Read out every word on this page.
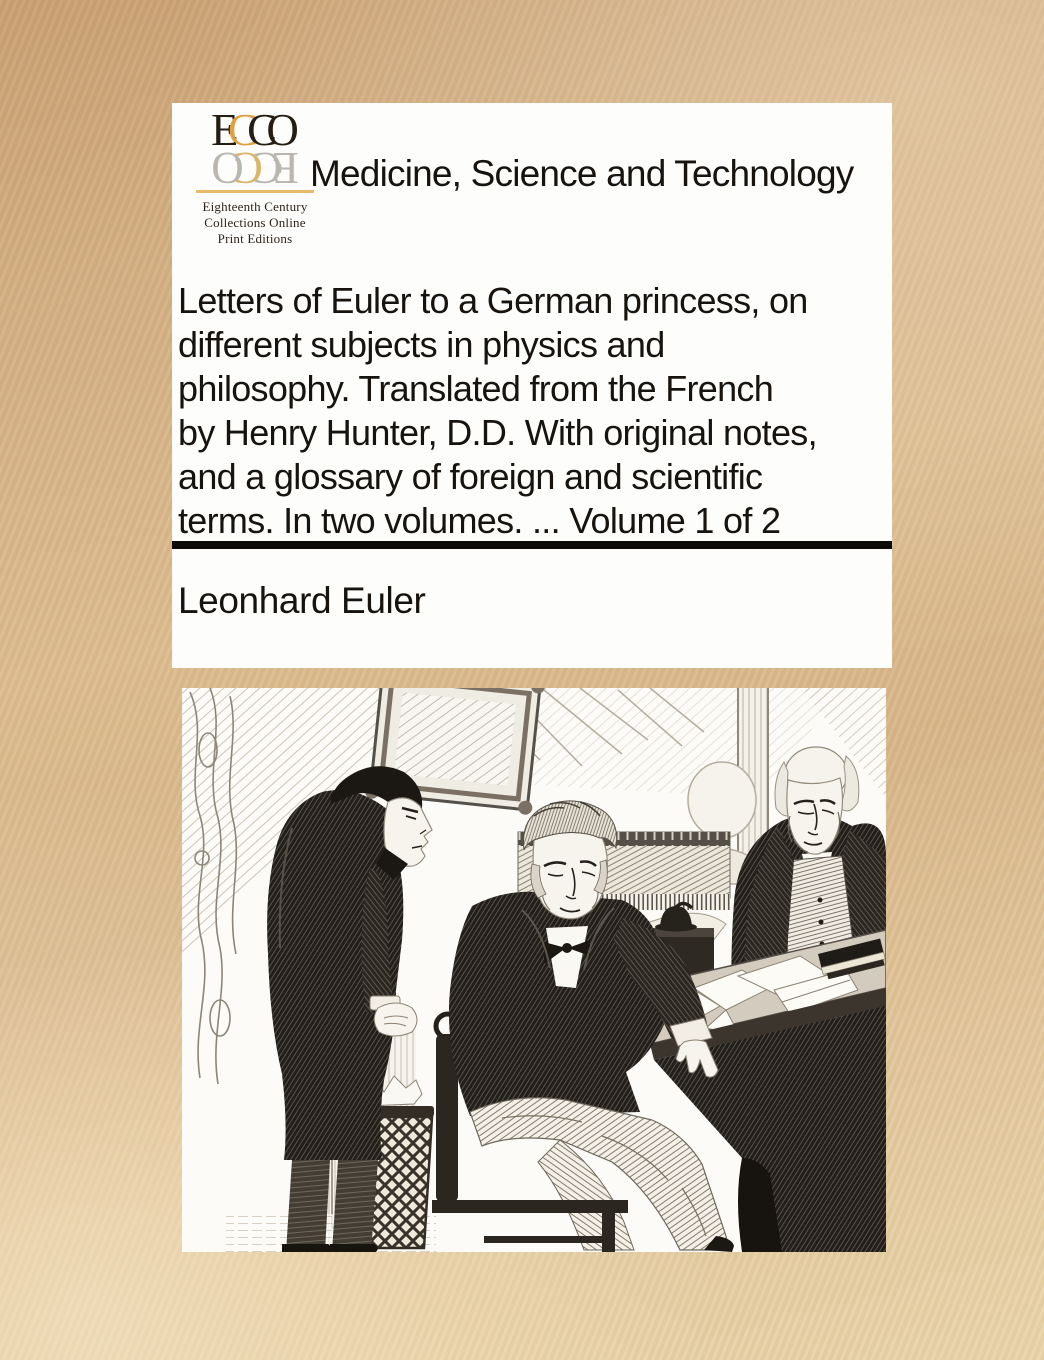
ECCO
ECCO
Eighteenth Century
Collections Online
Print Editions
Medicine, Science and Technology
Letters of Euler to a German princess, on
different subjects in physics and
philosophy. Translated from the French
by Henry Hunter, D.D. With original notes,
and a glossary of foreign and scientific
terms. In two volumes. ... Volume 1 of 2
Leonhard Euler
